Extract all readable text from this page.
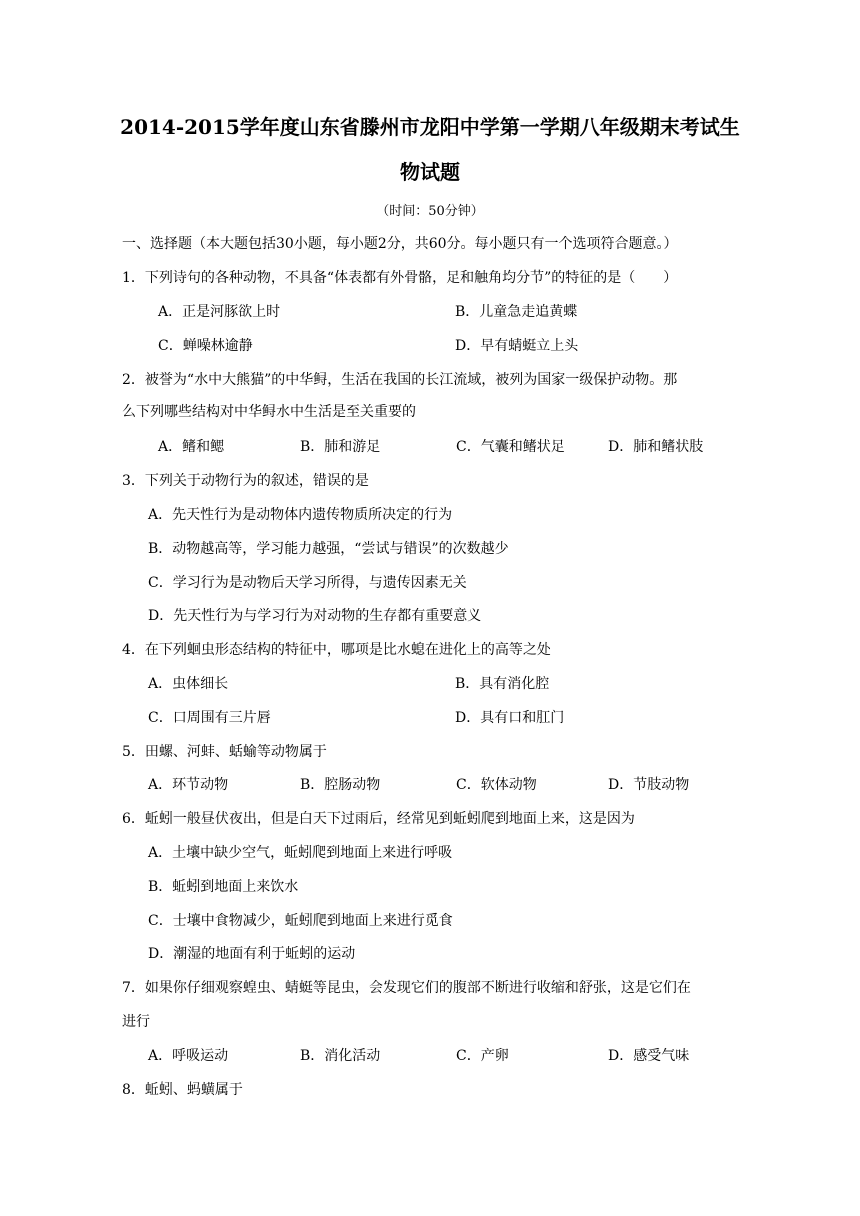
2014-2015学年度山东省滕州市龙阳中学第一学期八年级期末考试生
物试题
（时间：50分钟）
一、选择题（本大题包括30小题，每小题2分，共60分。每小题只有一个选项符合题意。）
1．下列诗句的各种动物，不具备“体表都有外骨骼，足和触角均分节”的特征的是（　　）
A．正是河豚欲上时	B．儿童急走追黄蝶
C．蝉噪林逾静	D．早有蜻蜓立上头
2．被誉为“水中大熊猫”的中华鲟，生活在我国的长江流域，被列为国家一级保护动物。那
么下列哪些结构对中华鲟水中生活是至关重要的
A．鳍和鳃	B．肺和游足	C．气囊和鳍状足	D．肺和鳍状肢
3．下列关于动物行为的叙述，错误的是
A．先天性行为是动物体内遗传物质所决定的行为
B．动物越高等，学习能力越强，“尝试与错误”的次数越少
C．学习行为是动物后天学习所得，与遗传因素无关
D．先天性行为与学习行为对动物的生存都有重要意义
4．在下列蛔虫形态结构的特征中，哪项是比水螅在进化上的高等之处
A．虫体细长	B．具有消化腔
C．口周围有三片唇	D．具有口和肛门
5．田螺、河蚌、蛞蝓等动物属于
A．环节动物	B．腔肠动物	C．软体动物	D．节肢动物
6．蚯蚓一般昼伏夜出，但是白天下过雨后，经常见到蚯蚓爬到地面上来，这是因为
A．土壤中缺少空气，蚯蚓爬到地面上来进行呼吸
B．蚯蚓到地面上来饮水
C．士壤中食物减少，蚯蚓爬到地面上来进行觅食
D．潮湿的地面有利于蚯蚓的运动
7．如果你仔细观察蝗虫、蜻蜓等昆虫，会发现它们的腹部不断进行收缩和舒张，这是它们在
进行
A．呼吸运动	B．消化活动	C．产卵	D．感受气味
8．蚯蚓、蚂蟥属于
